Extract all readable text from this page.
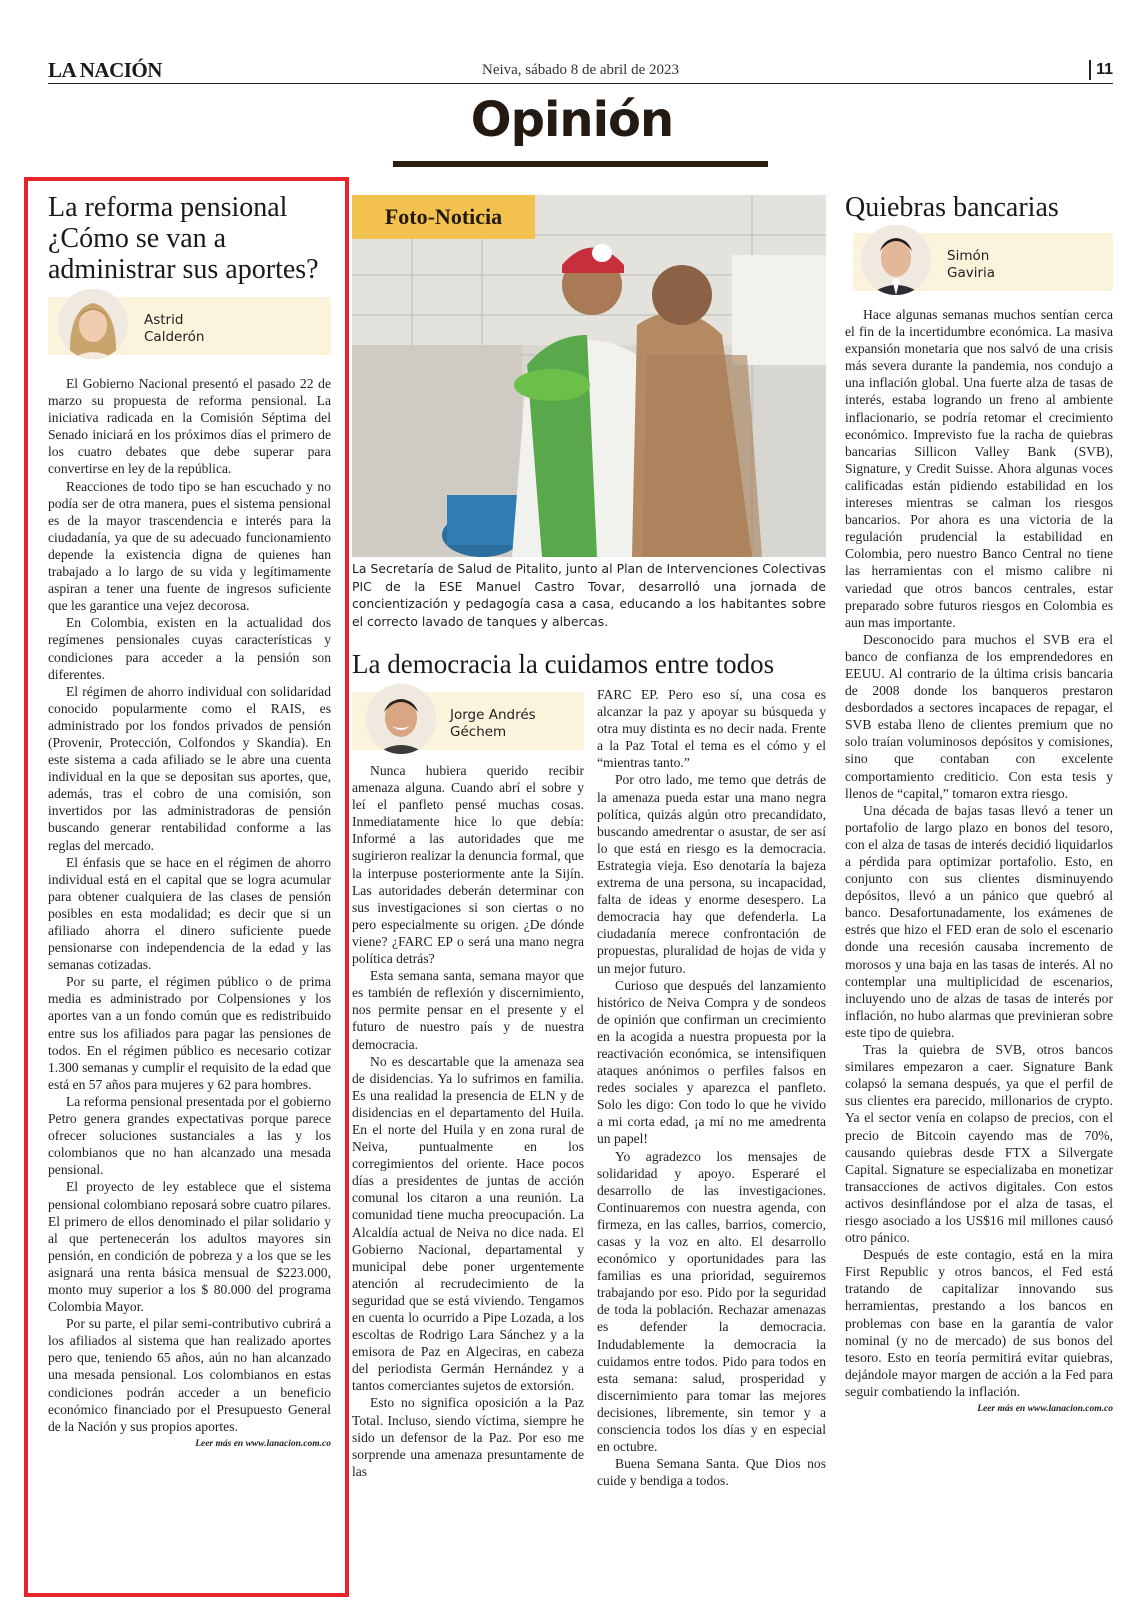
LA NACIÓN	Neiva, sábado 8 de abril de 2023	11
Opinión
La reforma pensional ¿Cómo se van a administrar sus aportes?
Astrid Calderón

El Gobierno Nacional presentó el pasado 22 de marzo su propuesta de reforma pensional. La iniciativa radicada en la Comisión Séptima del Senado iniciará en los próximos días el primero de los cuatro debates que debe superar para convertirse en ley de la república.

Reacciones de todo tipo se han escuchado y no podía ser de otra manera, pues el sistema pensional es de la mayor trascendencia e interés para la ciudadanía, ya que de su adecuado funcionamiento depende la existencia digna de quienes han trabajado a lo largo de su vida y legítimamente aspiran a tener una fuente de ingresos suficiente que les garantice una vejez decorosa.

En Colombia, existen en la actualidad dos regímenes pensionales cuyas características y condiciones para acceder a la pensión son diferentes.

El régimen de ahorro individual con solidaridad conocido popularmente como el RAIS, es administrado por los fondos privados de pensión (Provenir, Protección, Colfondos y Skandia). En este sistema a cada afiliado se le abre una cuenta individual en la que se depositan sus aportes, que, además, tras el cobro de una comisión, son invertidos por las administradoras de pensión buscando generar rentabilidad conforme a las reglas del mercado.

El énfasis que se hace en el régimen de ahorro individual está en el capital que se logra acumular para obtener cualquiera de las clases de pensión posibles en esta modalidad; es decir que si un afiliado ahorra el dinero suficiente puede pensionarse con independencia de la edad y las semanas cotizadas.

Por su parte, el régimen público o de prima media es administrado por Colpensiones y los aportes van a un fondo común que es redistribuido entre sus los afiliados para pagar las pensiones de todos. En el régimen público es necesario cotizar 1.300 semanas y cumplir el requisito de la edad que está en 57 años para mujeres y 62 para hombres.

La reforma pensional presentada por el gobierno Petro genera grandes expectativas porque parece ofrecer soluciones sustanciales a las y los colombianos que no han alcanzado una mesada pensional.

El proyecto de ley establece que el sistema pensional colombiano reposará sobre cuatro pilares. El primero de ellos denominado el pilar solidario y al que pertenecerán los adultos mayores sin pensión, en condición de pobreza y a los que se les asignará una renta básica mensual de $223.000, monto muy superior a los $ 80.000 del programa Colombia Mayor.

Por su parte, el pilar semi-contributivo cubrirá a los afiliados al sistema que han realizado aportes pero que, teniendo 65 años, aún no han alcanzado una mesada pensional. Los colombianos en estas condiciones podrán acceder a un beneficio económico financiado por el Presupuesto General de la Nación y sus propios aportes.

Leer más en www.lanacion.com.co
Foto-Noticia
La Secretaría de Salud de Pitalito, junto al Plan de Intervenciones Colectivas PIC de la ESE Manuel Castro Tovar, desarrolló una jornada de concientización y pedagogía casa a casa, educando a los habitantes sobre el correcto lavado de tanques y albercas.
La democracia la cuidamos entre todos
Jorge Andrés Géchem

Nunca hubiera querido recibir amenaza alguna. Cuando abrí el sobre y leí el panfleto pensé muchas cosas. Inmediatamente hice lo que debía: Informé a las autoridades que me sugirieron realizar la denuncia formal, que la interpuse posteriormente ante la Sijín. Las autoridades deberán determinar con sus investigaciones si son ciertas o no pero especialmente su origen. ¿De dónde viene? ¿FARC EP o será una mano negra política detrás?

Esta semana santa, semana mayor que es también de reflexión y discernimiento, nos permite pensar en el presente y el futuro de nuestro país y de nuestra democracia.

No es descartable que la amenaza sea de disidencias. Ya lo sufrimos en familia. Es una realidad la presencia de ELN y de disidencias en el departamento del Huila. En el norte del Huila y en zona rural de Neiva, puntualmente en los corregimientos del oriente. Hace pocos días a presidentes de juntas de acción comunal los citaron a una reunión. La comunidad tiene mucha preocupación. La Alcaldía actual de Neiva no dice nada. El Gobierno Nacional, departamental y municipal debe poner urgentemente atención al recrudecimiento de la seguridad que se está viviendo. Tengamos en cuenta lo ocurrido a Pipe Lozada, a los escoltas de Rodrigo Lara Sánchez y a la emisora de Paz en Algeciras, en cabeza del periodista Germán Hernández y a tantos comerciantes sujetos de extorsión.

Esto no significa oposición a la Paz Total. Incluso, siendo víctima, siempre he sido un defensor de la Paz. Por eso me sorprende una amenaza presuntamente de las

FARC EP. Pero eso sí, una cosa es alcanzar la paz y apoyar su búsqueda y otra muy distinta es no decir nada. Frente a la Paz Total el tema es el cómo y el “mientras tanto.”

Por otro lado, me temo que detrás de la amenaza pueda estar una mano negra política, quizás algún otro precandidato, buscando amedrentar o asustar, de ser así lo que está en riesgo es la democracia. Estrategia vieja. Eso denotaría la bajeza extrema de una persona, su incapacidad, falta de ideas y enorme desespero. La democracia hay que defenderla. La ciudadanía merece confrontación de propuestas, pluralidad de hojas de vida y un mejor futuro.

Curioso que después del lanzamiento histórico de Neiva Compra y de sondeos de opinión que confirman un crecimiento en la acogida a nuestra propuesta por la reactivación económica, se intensifiquen ataques anónimos o perfiles falsos en redes sociales y aparezca el panfleto. Solo les digo: Con todo lo que he vivido a mi corta edad, ¡a mí no me amedrenta un papel!

Yo agradezco los mensajes de solidaridad y apoyo. Esperaré el desarrollo de las investigaciones. Continuaremos con nuestra agenda, con firmeza, en las calles, barrios, comercio, casas y la voz en alto. El desarrollo económico y oportunidades para las familias es una prioridad, seguiremos trabajando por eso. Pido por la seguridad de toda la población. Rechazar amenazas es defender la democracia. Indudablemente la democracia la cuidamos entre todos. Pido para todos en esta semana: salud, prosperidad y discernimiento para tomar las mejores decisiones, libremente, sin temor y a consciencia todos los días y en especial en octubre.

Buena Semana Santa. Que Dios nos cuide y bendiga a todos.

Quiebras bancarias
Simón Gaviria

Hace algunas semanas muchos sentían cerca el fin de la incertidumbre económica. La masiva expansión monetaria que nos salvó de una crisis más severa durante la pandemia, nos condujo a una inflación global. Una fuerte alza de tasas de interés, estaba logrando un freno al ambiente inflacionario, se podría retomar el crecimiento económico. Imprevisto fue la racha de quiebras bancarias Sillicon Valley Bank (SVB), Signature, y Credit Suisse. Ahora algunas voces calificadas están pidiendo estabilidad en los intereses mientras se calman los riesgos bancarios. Por ahora es una victoria de la regulación prudencial la estabilidad en Colombia, pero nuestro Banco Central no tiene las herramientas con el mismo calibre ni variedad que otros bancos centrales, estar preparado sobre futuros riesgos en Colombia es aun mas importante.

Desconocido para muchos el SVB era el banco de confianza de los emprendedores en EEUU. Al contrario de la última crisis bancaria de 2008 donde los banqueros prestaron desbordados a sectores incapaces de repagar, el SVB estaba lleno de clientes premium que no solo traían voluminosos depósitos y comisiones, sino que contaban con excelente comportamiento crediticio. Con esta tesis y llenos de “capital,” tomaron extra riesgo.

Una década de bajas tasas llevó a tener un portafolio de largo plazo en bonos del tesoro, con el alza de tasas de interés decidió liquidarlos a pérdida para optimizar portafolio. Esto, en conjunto con sus clientes disminuyendo depósitos, llevó a un pánico que quebró al banco. Desafortunadamente, los exámenes de estrés que hizo el FED eran de solo el escenario donde una recesión causaba incremento de morosos y una baja en las tasas de interés. Al no contemplar una multiplicidad de escenarios, incluyendo uno de alzas de tasas de interés por inflación, no hubo alarmas que previnieran sobre este tipo de quiebra.

Tras la quiebra de SVB, otros bancos similares empezaron a caer. Signature Bank colapsó la semana después, ya que el perfil de sus clientes era parecido, millonarios de crypto. Ya el sector venía en colapso de precios, con el precio de Bitcoin cayendo mas de 70%, causando quiebras desde FTX a Silvergate Capital. Signature se especializaba en monetizar transacciones de activos digitales. Con estos activos desinflándose por el alza de tasas, el riesgo asociado a los US$16 mil millones causó otro pánico.

Después de este contagio, está en la mira First Republic y otros bancos, el Fed está tratando de capitalizar innovando sus herramientas, prestando a los bancos en problemas con base en la garantía de valor nominal (y no de mercado) de sus bonos del tesoro. Esto en teoría permitirá evitar quiebras, dejándole mayor margen de acción a la Fed para seguir combatiendo la inflación.

Leer más en www.lanacion.com.co
